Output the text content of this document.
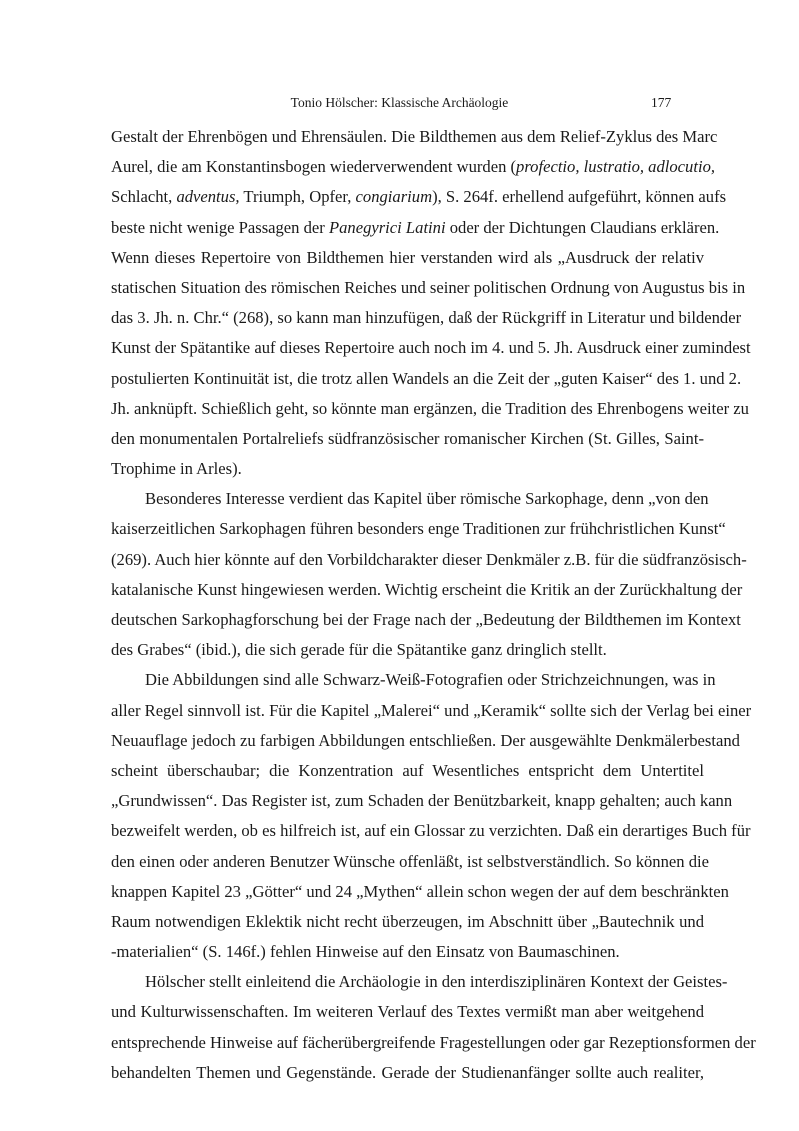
Tonio Hölscher: Klassische Archäologie	177
Gestalt der Ehrenbögen und Ehrensäulen. Die Bildthemen aus dem Relief-Zyklus des Marc
Aurel, die am Konstantinsbogen wiederverwendent wurden (profectio, lustratio, adlocutio,
Schlacht, adventus, Triumph, Opfer, congiarium), S. 264f. erhellend aufgeführt, können aufs
beste nicht wenige Passagen der Panegyrici Latini oder der Dichtungen Claudians erklären.
Wenn dieses Repertoire von Bildthemen hier verstanden wird als „Ausdruck der relativ
statischen Situation des römischen Reiches und seiner politischen Ordnung von Augustus bis in
das 3. Jh. n. Chr.“ (268), so kann man hinzufügen, daß der Rückgriff in Literatur und bildender
Kunst der Spätantike auf dieses Repertoire auch noch im 4. und 5. Jh. Ausdruck einer zumindest
postulierten Kontinuität ist, die trotz allen Wandels an die Zeit der „guten Kaiser“ des 1. und 2.
Jh. anknüpft. Schießlich geht, so könnte man ergänzen, die Tradition des Ehrenbogens weiter zu
den monumentalen Portalreliefs südfranzösischer romanischer Kirchen (St. Gilles, Saint-
Trophime in Arles).
Besonderes Interesse verdient das Kapitel über römische Sarkophage, denn „von den
kaiserzeitlichen Sarkophagen führen besonders enge Traditionen zur frühchristlichen Kunst“
(269). Auch hier könnte auf den Vorbildcharakter dieser Denkmäler z.B. für die südfranzösisch-
katalanische Kunst hingewiesen werden. Wichtig erscheint die Kritik an der Zurückhaltung der
deutschen Sarkophagforschung bei der Frage nach der „Bedeutung der Bildthemen im Kontext
des Grabes“ (ibid.), die sich gerade für die Spätantike ganz dringlich stellt.
Die Abbildungen sind alle Schwarz-Weiß-Fotografien oder Strichzeichnungen, was in
aller Regel sinnvoll ist. Für die Kapitel „Malerei“ und „Keramik“ sollte sich der Verlag bei einer
Neuauflage jedoch zu farbigen Abbildungen entschließen. Der ausgewählte Denkmälerbestand
scheint überschaubar; die Konzentration auf Wesentliches entspricht dem Untertitel
„Grundwissen“. Das Register ist, zum Schaden der Benützbarkeit, knapp gehalten; auch kann
bezweifelt werden, ob es hilfreich ist, auf ein Glossar zu verzichten. Daß ein derartiges Buch für
den einen oder anderen Benutzer Wünsche offenläßt, ist selbstverständlich. So können die
knappen Kapitel 23 „Götter“ und 24 „Mythen“ allein schon wegen der auf dem beschränkten
Raum notwendigen Eklektik nicht recht überzeugen, im Abschnitt über „Bautechnik und
-materialien“ (S. 146f.) fehlen Hinweise auf den Einsatz von Baumaschinen.
Hölscher stellt einleitend die Archäologie in den interdisziplinären Kontext der Geistes-
und Kulturwissenschaften. Im weiteren Verlauf des Textes vermißt man aber weitgehend
entsprechende Hinweise auf fächerübergreifende Fragestellungen oder gar Rezeptionsformen der
behandelten Themen und Gegenstände. Gerade der Studienanfänger sollte auch realiter,
